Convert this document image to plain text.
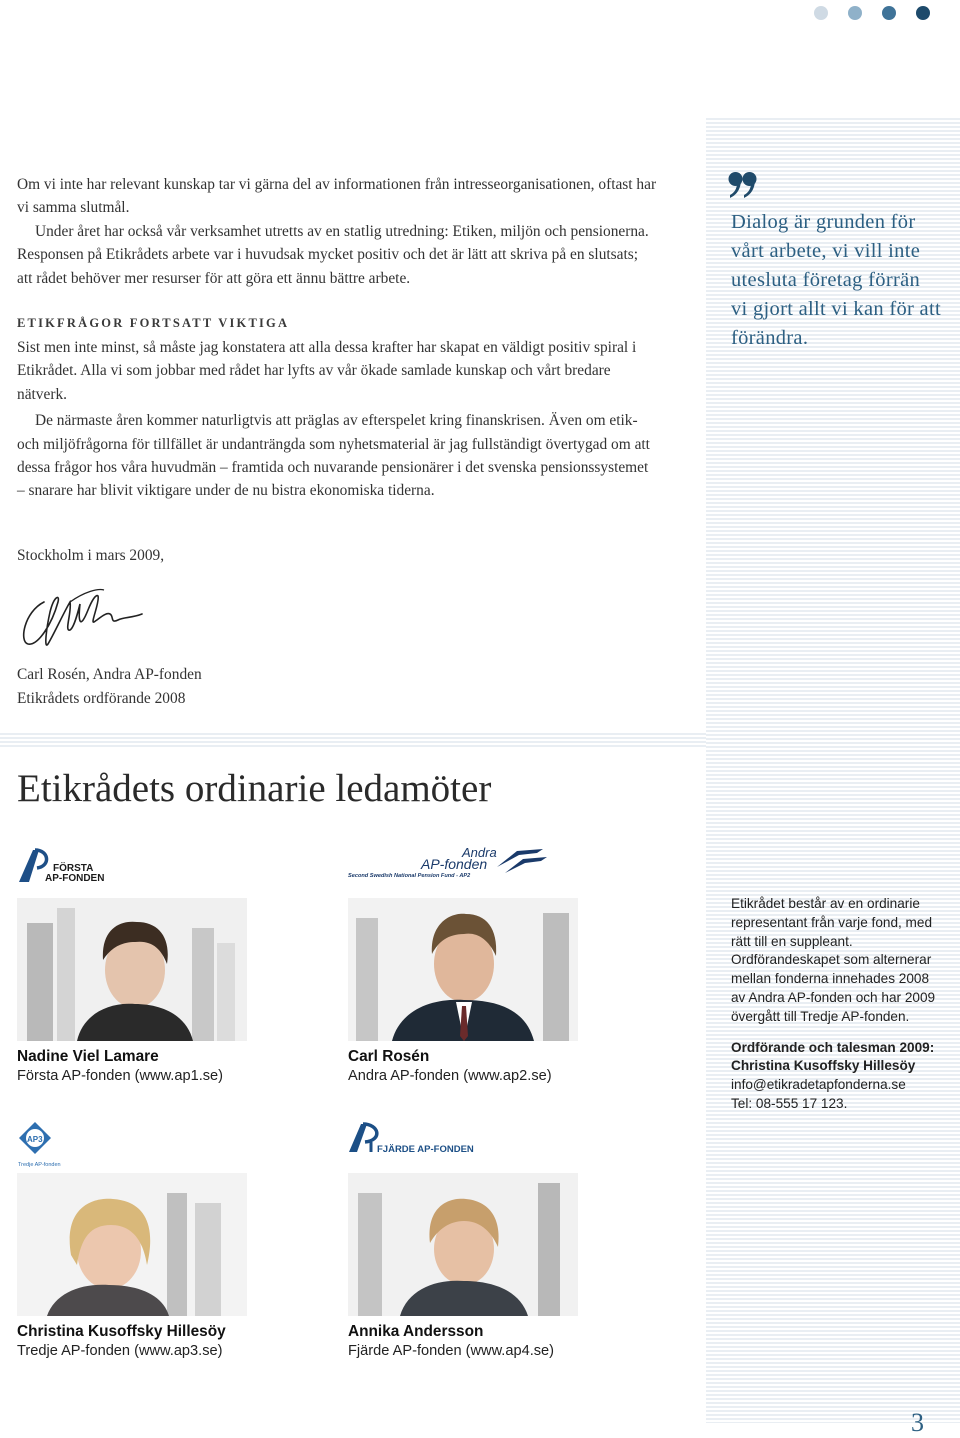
Om vi inte har relevant kunskap tar vi gärna del av informationen från intresseorganisationen, oftast har vi samma slutmål.

Under året har också vår verksamhet utretts av en statlig utredning: Etiken, miljön och pensionerna. Responsen på Etikrådets arbete var i huvudsak mycket positiv och det är lätt att skriva på en slutsats; att rådet behöver mer resurser för att göra ett ännu bättre arbete.

ETIKFRÅGOR FORTSATT VIKTIGA

Sist men inte minst, så måste jag konstatera att alla dessa krafter har skapat en väldigt positiv spiral i Etikrådet. Alla vi som jobbar med rådet har lyfts av vår ökade samlade kunskap och vårt bredare nätverk.

De närmaste åren kommer naturligtvis att präglas av efterspelet kring finanskrisen. Även om etik- och miljöfrågorna för tillfället är undanträngda som nyhetsmaterial är jag fullständigt övertygad om att dessa frågor hos våra huvudmän – framtida och nuvarande pensionärer i det svenska pensionssystemet – snarare har blivit viktigare under de nu bistra ekonomiska tiderna.

Dialog är grunden för vårt arbete, vi vill inte utesluta företag förrän vi gjort allt vi kan för att förändra.
Stockholm i mars 2009,
Carl Rosén, Andra AP-fonden
Etikrådets ordförande 2008
Etikrådets ordinarie ledamöter
FÖRSTA
AP-FONDEN
Andra
AP-fonden
Second Swedish National Pension Fund - AP2
Nadine Viel Lamare
Första AP-fonden (www.ap1.se)
Carl Rosén
Andra AP-fonden (www.ap2.se)
AP3
Tredje AP-fonden
FJÄRDE AP-FONDEN
Christina Kusoffsky Hillesöy
Tredje AP-fonden (www.ap3.se)
Annika Andersson
Fjärde AP-fonden (www.ap4.se)

Etikrådet består av en ordinarie representant från varje fond, med rätt till en suppleant. Ordförandeskapet som alternerar mellan fonderna innehades 2008 av Andra AP-fonden och har 2009 övergått till Tredje AP-fonden.

Ordförande och talesman 2009:

Christina Kusoffsky Hillesöy

info@etikradetapfonderna.se

Tel: 08-555 17 123.

3
